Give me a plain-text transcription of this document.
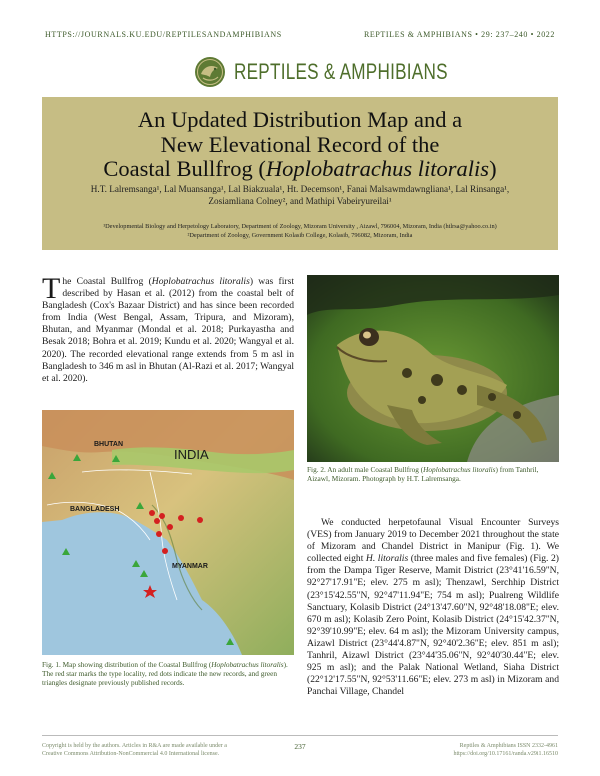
HTTPS://JOURNALS.KU.EDU/REPTILESANDAMPHIBIANS	REPTILES & AMPHIBIANS • 29: 237–240 • 2022
REPTILES & AMPHIBIANS
An Updated Distribution Map and a
New Elevational Record of the
Coastal Bullfrog (Hoplobatrachus litoralis)
H.T. Lalremsanga¹, Lal Muansanga¹, Lal Biakzuala¹, Ht. Decemson¹, Fanai Malsawmdawngliana¹, Lal Rinsanga¹,
Zosiamliana Colney², and Mathipi Vabeiryureilai¹
¹Developmental Biology and Herpetology Laboratory, Department of Zoology, Mizoram University , Aizawl, 796004, Mizoram, India (htlrsa@yahoo.co.in)
²Department of Zoology, Government Kolasib College, Kolasib, 796082, Mizoram, India
The Coastal Bullfrog (Hoplobatrachus litoralis) was first described by Hasan et al. (2012) from the coastal belt of Bangladesh (Cox's Bazaar District) and has since been recorded from India (West Bengal, Assam, Tripura, and Mizoram), Bhutan, and Myanmar (Mondal et al. 2018; Purkayastha and Besak 2018; Bohra et al. 2019; Kundu et al. 2020; Wangyal et al. 2020). The recorded elevational range extends from 5 m asl in Bangladesh to 346 m asl in Bhutan (Al-Razi et al. 2017; Wangyal et al. 2020).
BHUTAN
INDIA
BANGLADESH
MYANMAR
Fig. 1. Map showing distribution of the Coastal Bullfrog (Hoplobatrachus litoralis). The red star marks the type locality, red dots indicate the new records, and green triangles designate previously published records.
Fig. 2. An adult male Coastal Bullfrog (Hoplobatrachus litoralis) from Tanhril, Aizawl, Mizoram. Photograph by H.T. Lalremsanga.
We conducted herpetofaunal Visual Encounter Surveys (VES) from January 2019 to December 2021 throughout the state of Mizoram and Chandel District in Manipur (Fig. 1). We collected eight H. litoralis (three males and five females) (Fig. 2) from the Dampa Tiger Reserve, Mamit District (23°41'16.59"N, 92°27'17.91"E; elev. 275 m asl); Thenzawl, Serchhip District (23°15'42.55"N, 92°47'11.94"E; 754 m asl); Pualreng Wildlife Sanctuary, Kolasib District (24°13'47.60"N, 92°48'18.08"E; elev. 670 m asl); Kolasib Zero Point, Kolasib District (24°15'42.37"N, 92°39'10.99"E; elev. 64 m asl); the Mizoram University campus, Aizawl District (23°44'4.87"N, 92°40'2.36"E; elev. 851 m asl); Tanhril, Aizawl District (23°44'35.06"N, 92°40'30.44"E; elev. 925 m asl); and the Palak National Wetland, Siaha District (22°12'17.55"N, 92°53'11.66"E; elev. 273 m asl) in Mizoram and Panchai Village, Chandel
Copyright is held by the authors. Articles in R&A are made available under a
Creative Commons Attribution-NonCommercial 4.0 International license.
237	Reptiles & Amphibians ISSN 2332-4961
https://doi.org/10.17161/randa.v29i1.16510
